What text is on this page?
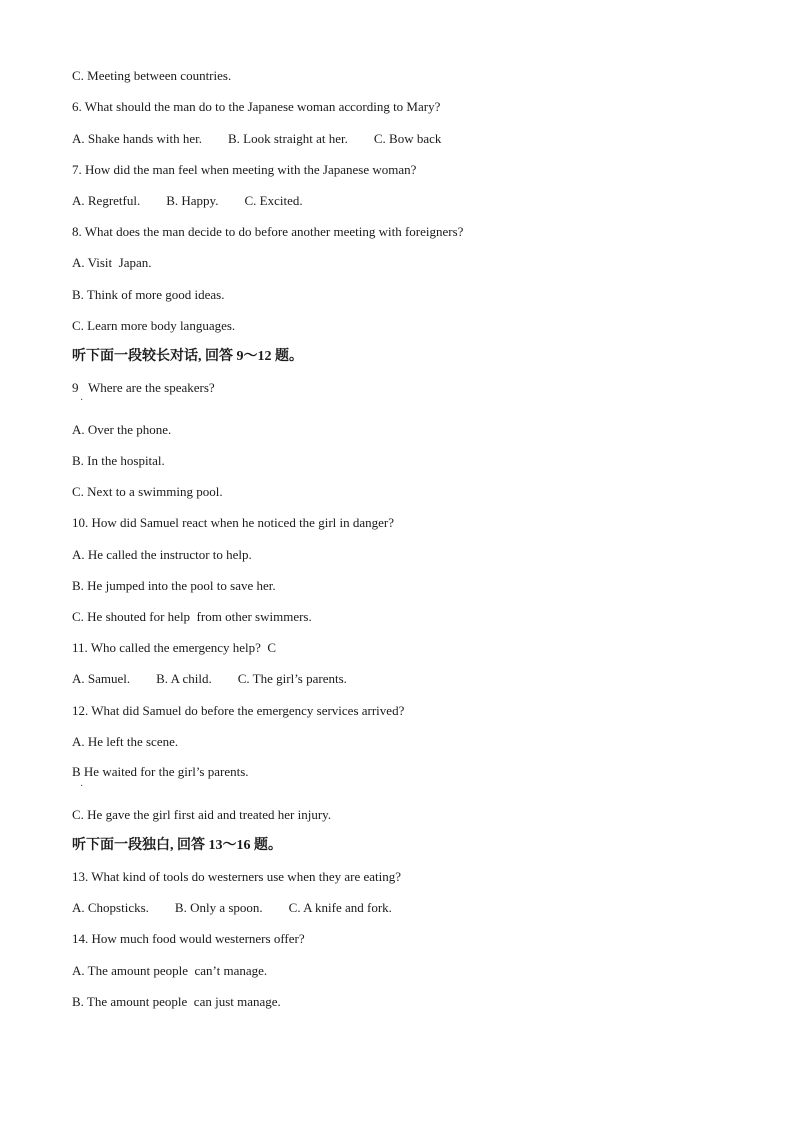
C. Meeting between countries.
6. What should the man do to the Japanese woman according to Mary?
A. Shake hands with her.        B. Look straight at her.        C. Bow back
7. How did the man feel when meeting with the Japanese woman?
A. Regretful.        B. Happy.        C. Excited.
8. What does the man decide to do before another meeting with foreigners?
A. Visit  Japan.
B. Think of more good ideas.
C. Learn more body languages.
听下面一段较长对话, 回答 9～12 题。
9   Where are the speakers?
·
A. Over the phone.
B. In the hospital.
C. Next to a swimming pool.
10. How did Samuel react when he noticed the girl in danger?
A. He called the instructor to help.
B. He jumped into the pool to save her.
C. He shouted for help  from other swimmers.
11. Who called the emergency help?  C
A. Samuel.        B. A child.        C. The girl’s parents.
12. What did Samuel do before the emergency services arrived?
A. He left the scene.
B He waited for the girl’s parents.
·
C. He gave the girl first aid and treated her injury.
听下面一段独白, 回答 13～16 题。
13. What kind of tools do westerners use when they are eating?
A. Chopsticks.        B. Only a spoon.        C. A knife and fork.
14. How much food would westerners offer?
A. The amount people  can’t manage.
B. The amount people  can just manage.
